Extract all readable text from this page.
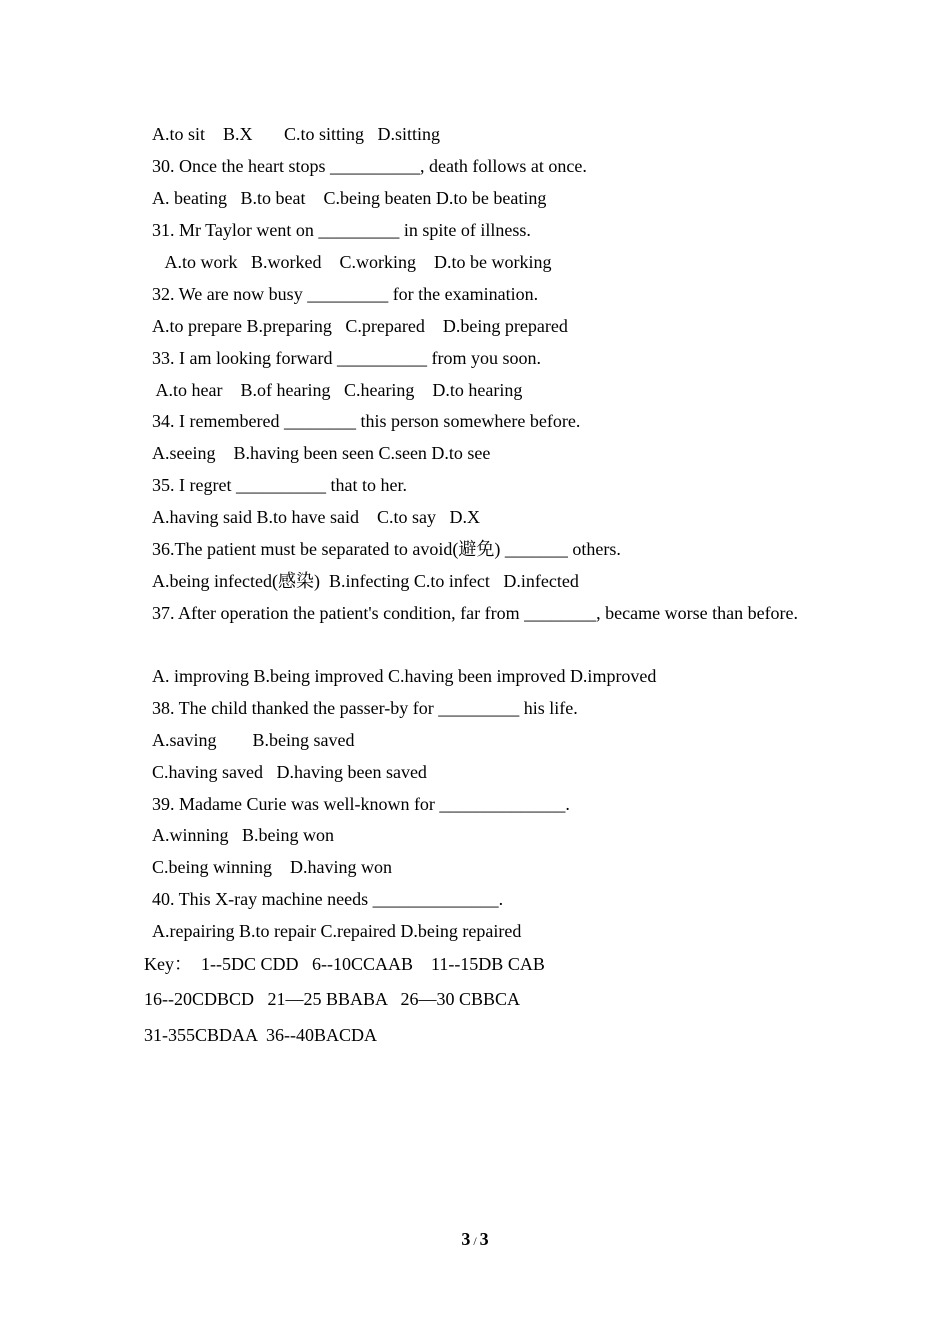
A.to sit    B.X       C.to sitting   D.sitting
30. Once the heart stops __________, death follows at once.
A. beating   B.to beat    C.being beaten D.to be beating
31. Mr Taylor went on _________ in spite of illness.
A.to work   B.worked    C.working    D.to be working
32. We are now busy _________ for the examination.
A.to prepare B.preparing   C.prepared    D.being prepared
33. I am looking forward __________ from you soon.
A.to hear    B.of hearing   C.hearing    D.to hearing
34. I remembered ________ this person somewhere before.
A.seeing    B.having been seen C.seen D.to see
35. I regret __________ that to her.
A.having said B.to have said    C.to say   D.X
36.The patient must be separated to avoid(避免) _______ others.
A.being infected(感染)  B.infecting C.to infect   D.infected
37. After operation the patient's condition, far from ________, became worse than before.
A. improving B.being improved C.having been improved D.improved
38. The child thanked the passer-by for _________ his life.
A.saving        B.being saved
C.having saved   D.having been saved
39. Madame Curie was well-known for ______________.
A.winning   B.being won
C.being winning    D.having won
40. This X-ray machine needs ______________.
A.repairing B.to repair C.repaired D.being repaired
Key：  1--5DC CDD   6--10CCAAB    11--15DB CAB
16--20CDBCD   21—25 BBABA   26—30 CBBCA
31-355CBDAA  36--40BACDA
3 / 3
